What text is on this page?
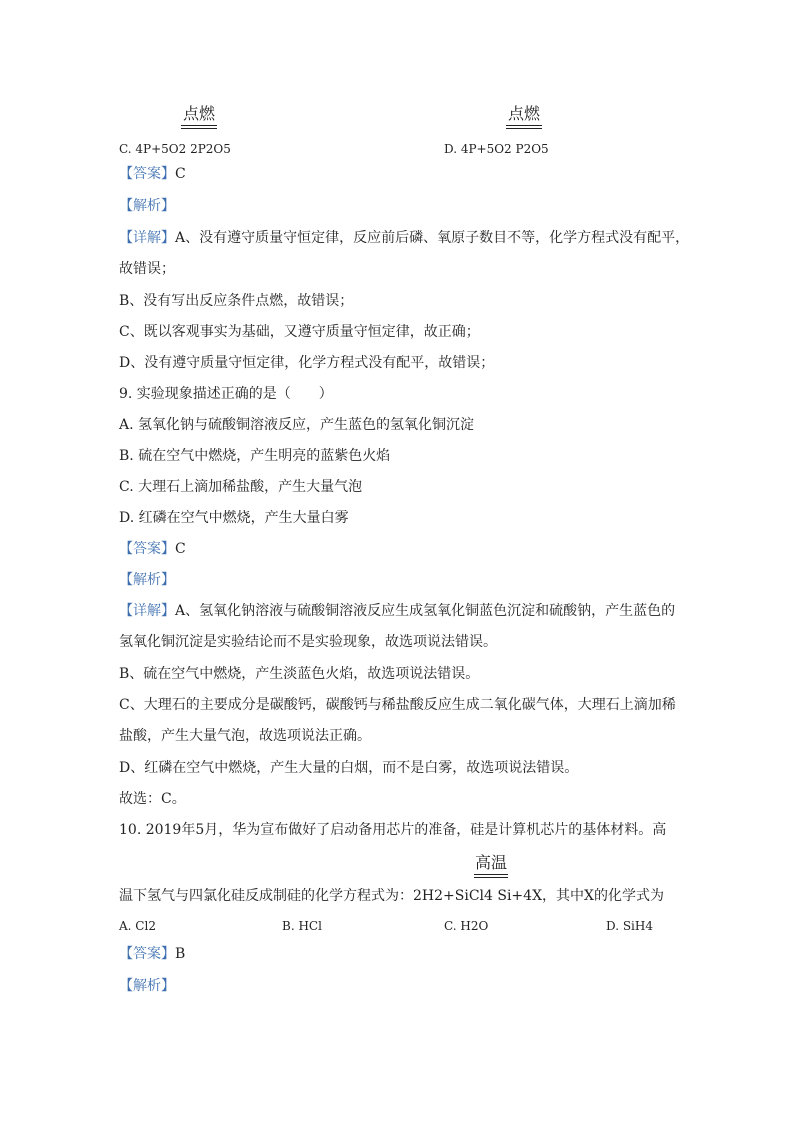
点燃	点燃
C. 4P+5O2 2P2O5	D. 4P+5O2 P2O5
【答案】C
【解析】
【详解】A、没有遵守质量守恒定律，反应前后磷、氧原子数目不等，化学方程式没有配平，
故错误；
B、没有写出反应条件点燃，故错误；
C、既以客观事实为基础，又遵守质量守恒定律，故正确；
D、没有遵守质量守恒定律，化学方程式没有配平，故错误；
9. 实验现象描述正确的是（　　）
A. 氢氧化钠与硫酸铜溶液反应，产生蓝色的氢氧化铜沉淀
B. 硫在空气中燃烧，产生明亮的蓝紫色火焰
C. 大理石上滴加稀盐酸，产生大量气泡
D. 红磷在空气中燃烧，产生大量白雾
【答案】C
【解析】
【详解】A、氢氧化钠溶液与硫酸铜溶液反应生成氢氧化铜蓝色沉淀和硫酸钠，产生蓝色的
氢氧化铜沉淀是实验结论而不是实验现象，故选项说法错误。
B、硫在空气中燃烧，产生淡蓝色火焰，故选项说法错误。
C、大理石的主要成分是碳酸钙，碳酸钙与稀盐酸反应生成二氧化碳气体，大理石上滴加稀
盐酸，产生大量气泡，故选项说法正确。
D、红磷在空气中燃烧，产生大量的白烟，而不是白雾，故选项说法错误。
故选：C。
10. 2019年5月，华为宣布做好了启动备用芯片的准备，硅是计算机芯片的基体材料。高
高温
温下氢气与四氯化硅反成制硅的化学方程式为：2H2+SiCl4 Si+4X，其中X的化学式为
A. Cl2	B. HCl	C. H2O	D. SiH4
【答案】B
【解析】
